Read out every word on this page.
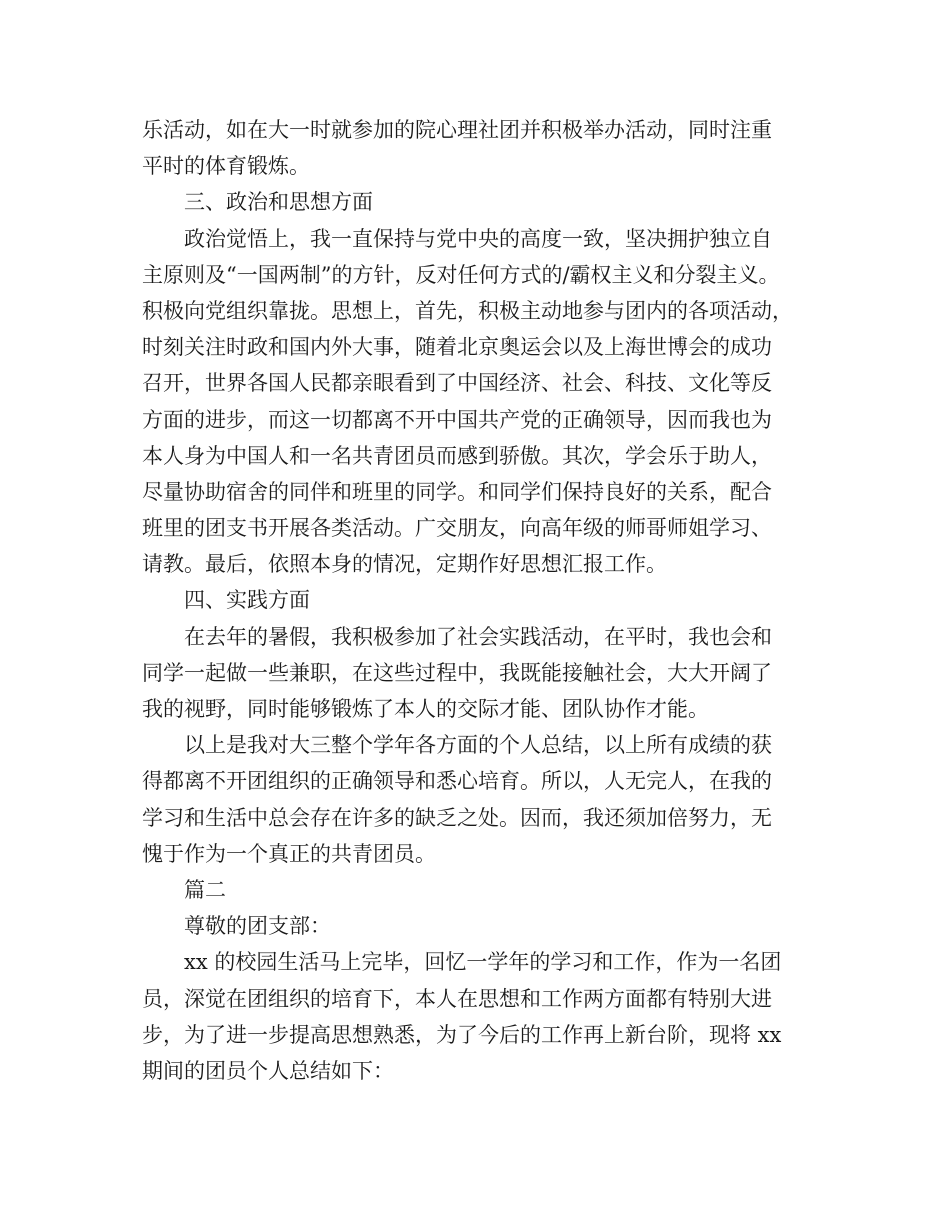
乐活动，如在大一时就参加的院心理社团并积极举办活动，同时注重
平时的体育锻炼。
三、政治和思想方面
政治觉悟上，我一直保持与党中央的高度一致，坚决拥护独立自
主原则及“一国两制”的方针，反对任何方式的/霸权主义和分裂主义。
积极向党组织靠拢。思想上，首先，积极主动地参与团内的各项活动，
时刻关注时政和国内外大事，随着北京奥运会以及上海世博会的成功
召开，世界各国人民都亲眼看到了中国经济、社会、科技、文化等反
方面的进步，而这一切都离不开中国共产党的正确领导，因而我也为
本人身为中国人和一名共青团员而感到骄傲。其次，学会乐于助人，
尽量协助宿舍的同伴和班里的同学。和同学们保持良好的关系，配合
班里的团支书开展各类活动。广交朋友，向高年级的师哥师姐学习、
请教。最后，依照本身的情况，定期作好思想汇报工作。
四、实践方面
在去年的暑假，我积极参加了社会实践活动，在平时，我也会和
同学一起做一些兼职，在这些过程中，我既能接触社会，大大开阔了
我的视野，同时能够锻炼了本人的交际才能、团队协作才能。
以上是我对大三整个学年各方面的个人总结，以上所有成绩的获
得都离不开团组织的正确领导和悉心培育。所以，人无完人，在我的
学习和生活中总会存在许多的缺乏之处。因而，我还须加倍努力，无
愧于作为一个真正的共青团员。
篇二
尊敬的团支部：
xx 的校园生活马上完毕，回忆一学年的学习和工作，作为一名团
员，深觉在团组织的培育下，本人在思想和工作两方面都有特别大进
步，为了进一步提高思想熟悉，为了今后的工作再上新台阶，现将 xx
期间的团员个人总结如下：
